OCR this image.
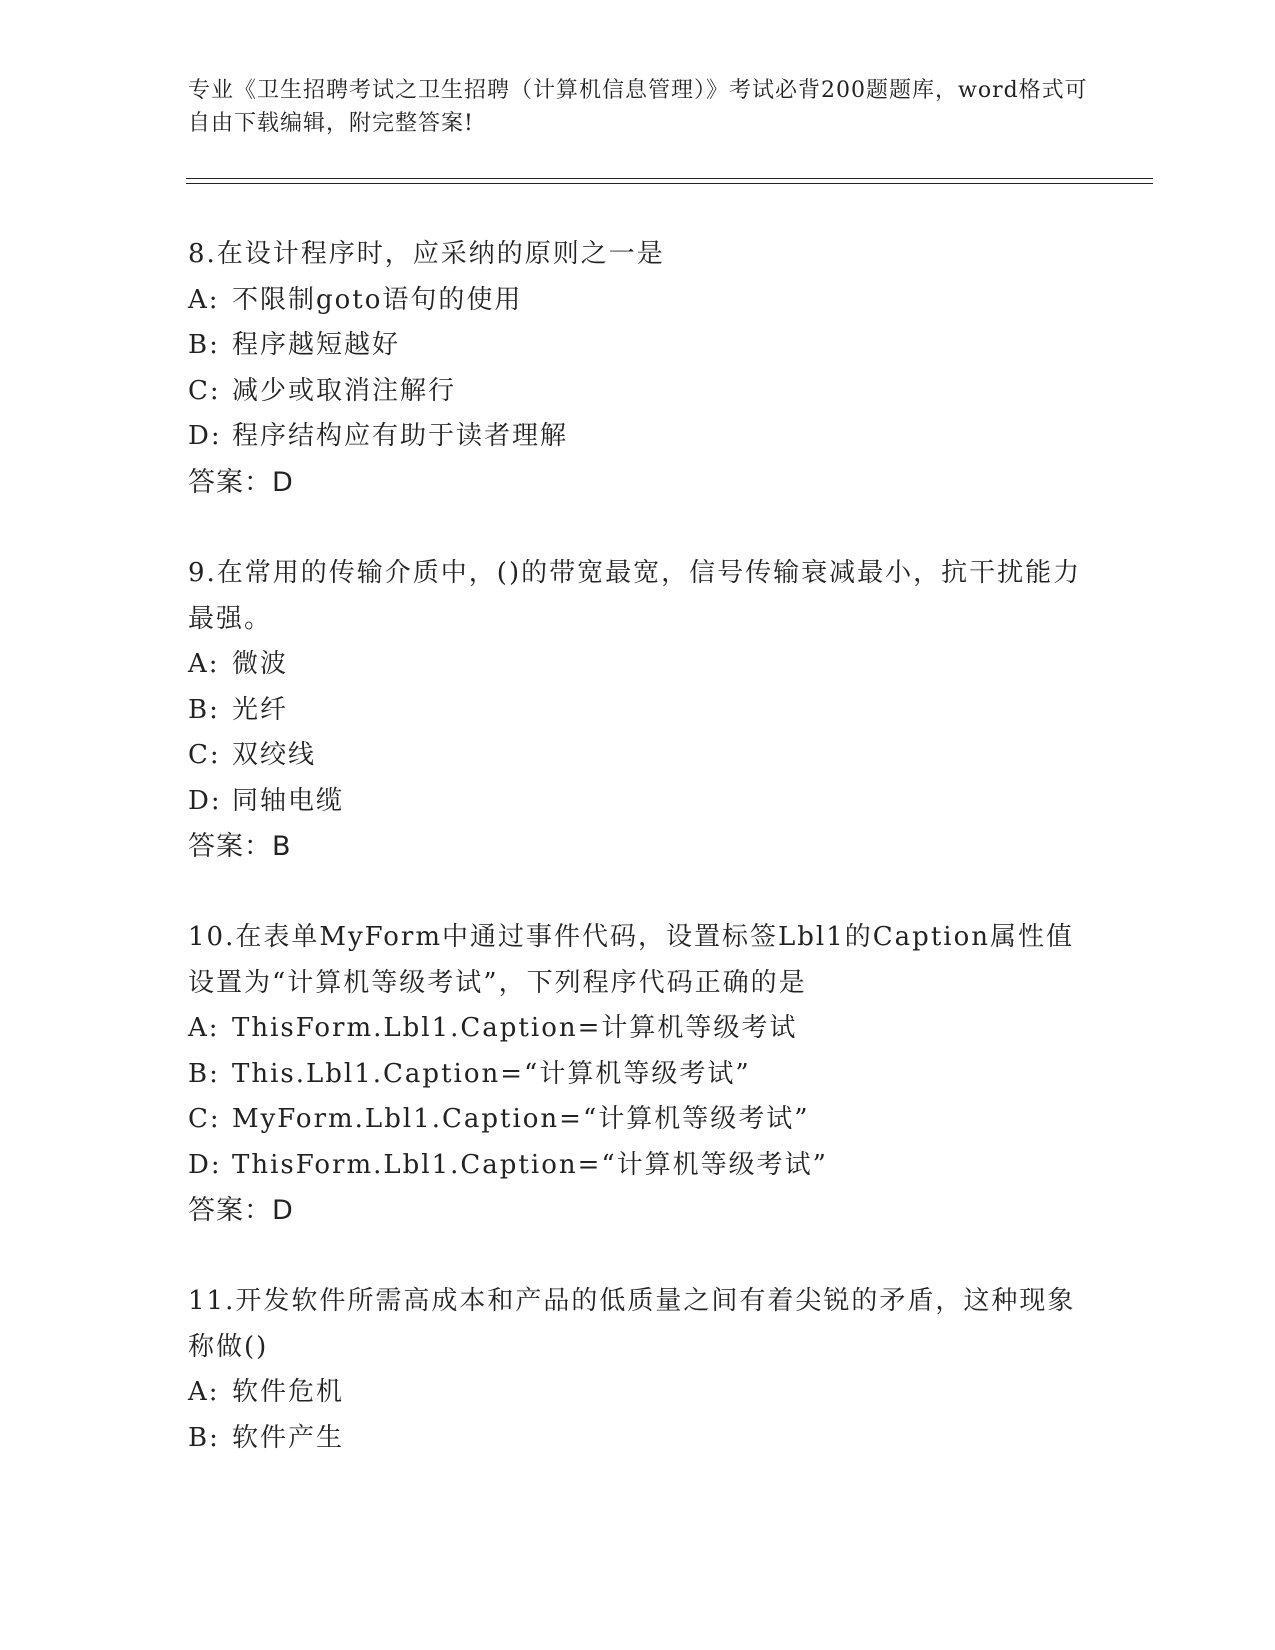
专业《卫生招聘考试之卫生招聘（计算机信息管理）》考试必背200题题库，word格式可自由下载编辑，附完整答案!

8.在设计程序时，应采纳的原则之一是

A: 不限制goto语句的使用

B: 程序越短越好

C: 减少或取消注解行

D: 程序结构应有助于读者理解

答案：D

9.在常用的传输介质中，()的带宽最宽，信号传输衰减最小，抗干扰能力最强。

A: 微波

B: 光纤

C: 双绞线

D: 同轴电缆

答案：B

10.在表单MyForm中通过事件代码，设置标签Lbl1的Caption属性值设置为“计算机等级考试”，下列程序代码正确的是

A: ThisForm.Lbl1.Caption=计算机等级考试

B: This.Lbl1.Caption=“计算机等级考试”

C: MyForm.Lbl1.Caption=“计算机等级考试”

D: ThisForm.Lbl1.Caption=“计算机等级考试”

答案：D

11.开发软件所需高成本和产品的低质量之间有着尖锐的矛盾，这种现象称做()

A: 软件危机

B: 软件产生
